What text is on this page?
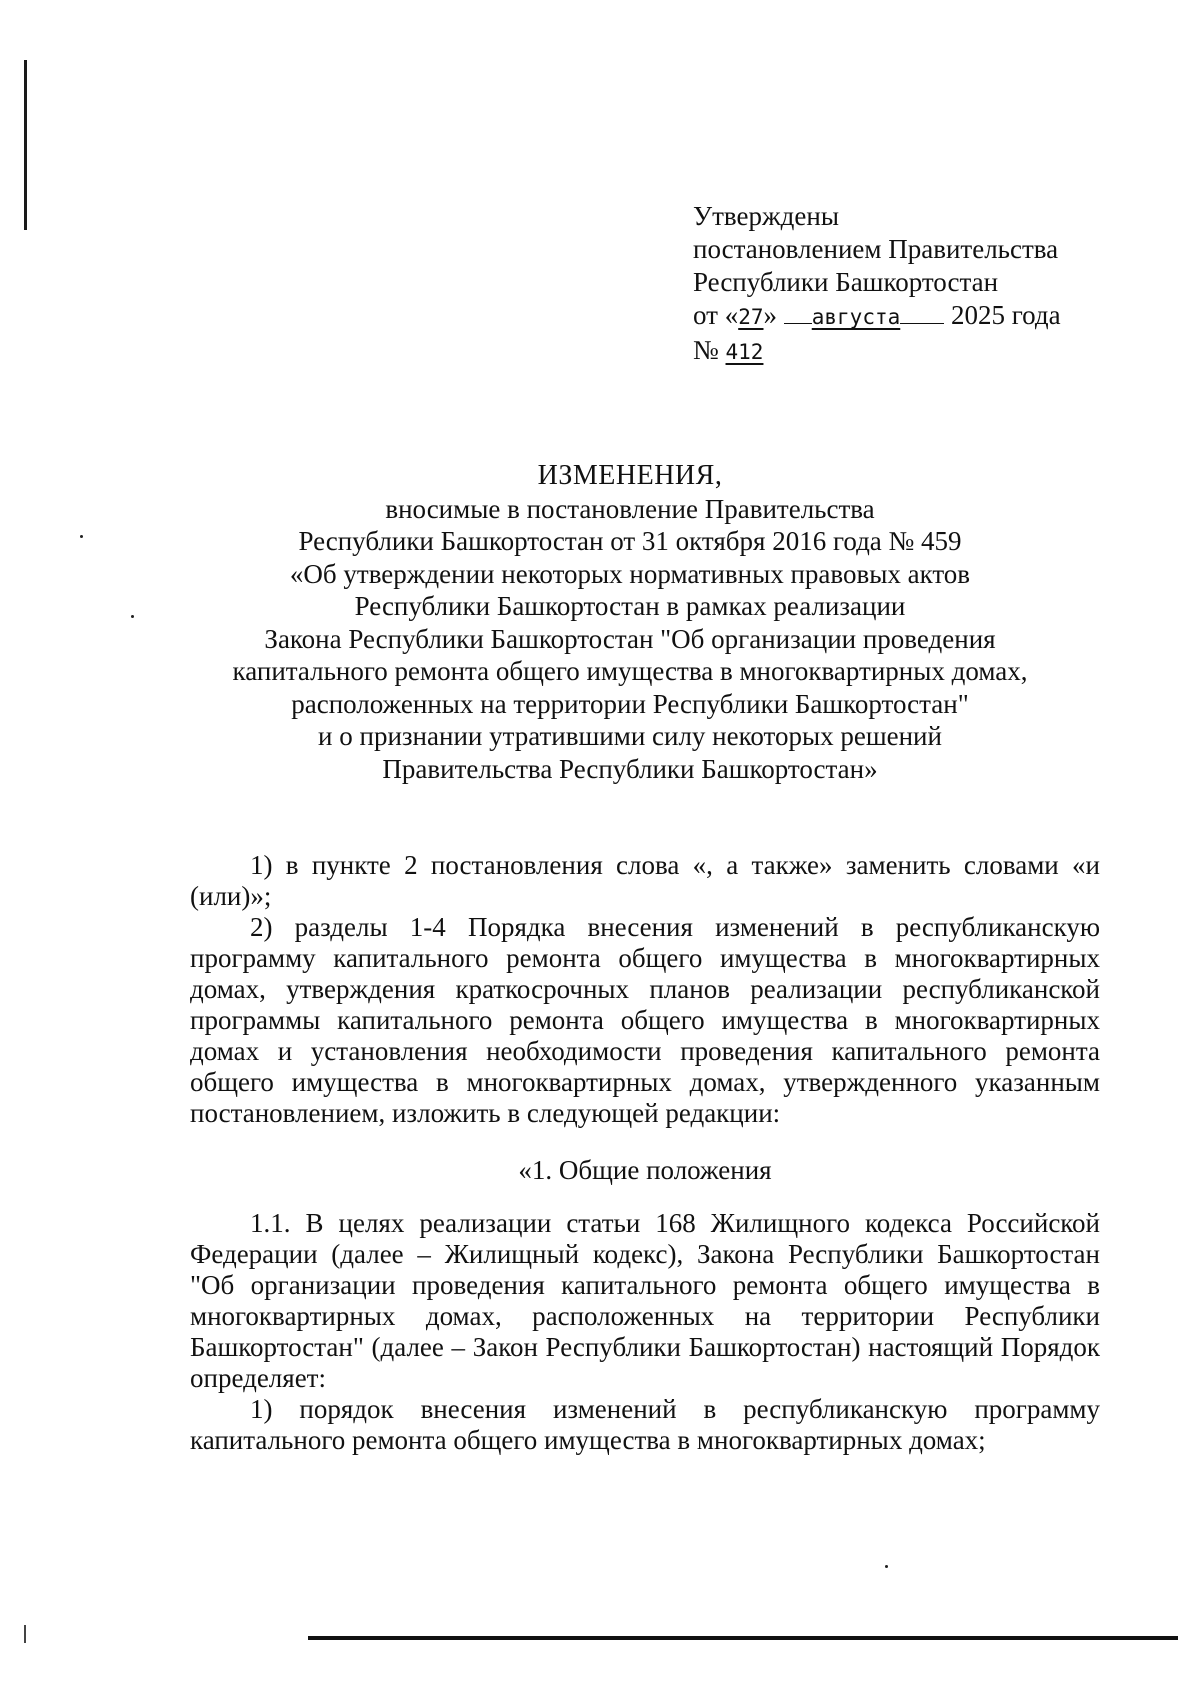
Утверждены
постановлением Правительства
Республики Башкортостан
от «27» августа 2025 года
№ 412
ИЗМЕНЕНИЯ,
вносимые в постановление Правительства
Республики Башкортостан от 31 октября 2016 года № 459
«Об утверждении некоторых нормативных правовых актов
Республики Башкортостан в рамках реализации
Закона Республики Башкортостан "Об организации проведения
капитального ремонта общего имущества в многоквартирных домах,
расположенных на территории Республики Башкортостан"
и о признании утратившими силу некоторых решений
Правительства Республики Башкортостан»

1) в пункте 2 постановления слова «, а также» заменить словами «и (или)»;

2) разделы 1-4 Порядка внесения изменений в республиканскую программу капитального ремонта общего имущества в многоквартирных домах, утверждения краткосрочных планов реализации республиканской программы капитального ремонта общего имущества в многоквартирных домах и установления необходимости проведения капитального ремонта общего имущества в многоквартирных домах, утвержденного указанным постановлением, изложить в следующей редакции:

«1. Общие положения

1.1. В целях реализации статьи 168 Жилищного кодекса Российской Федерации (далее – Жилищный кодекс), Закона Республики Башкортостан "Об организации проведения капитального ремонта общего имущества в многоквартирных домах, расположенных на территории Республики Башкортостан" (далее – Закон Республики Башкортостан) настоящий Порядок определяет:

1) порядок внесения изменений в республиканскую программу капитального ремонта общего имущества в многоквартирных домах;
